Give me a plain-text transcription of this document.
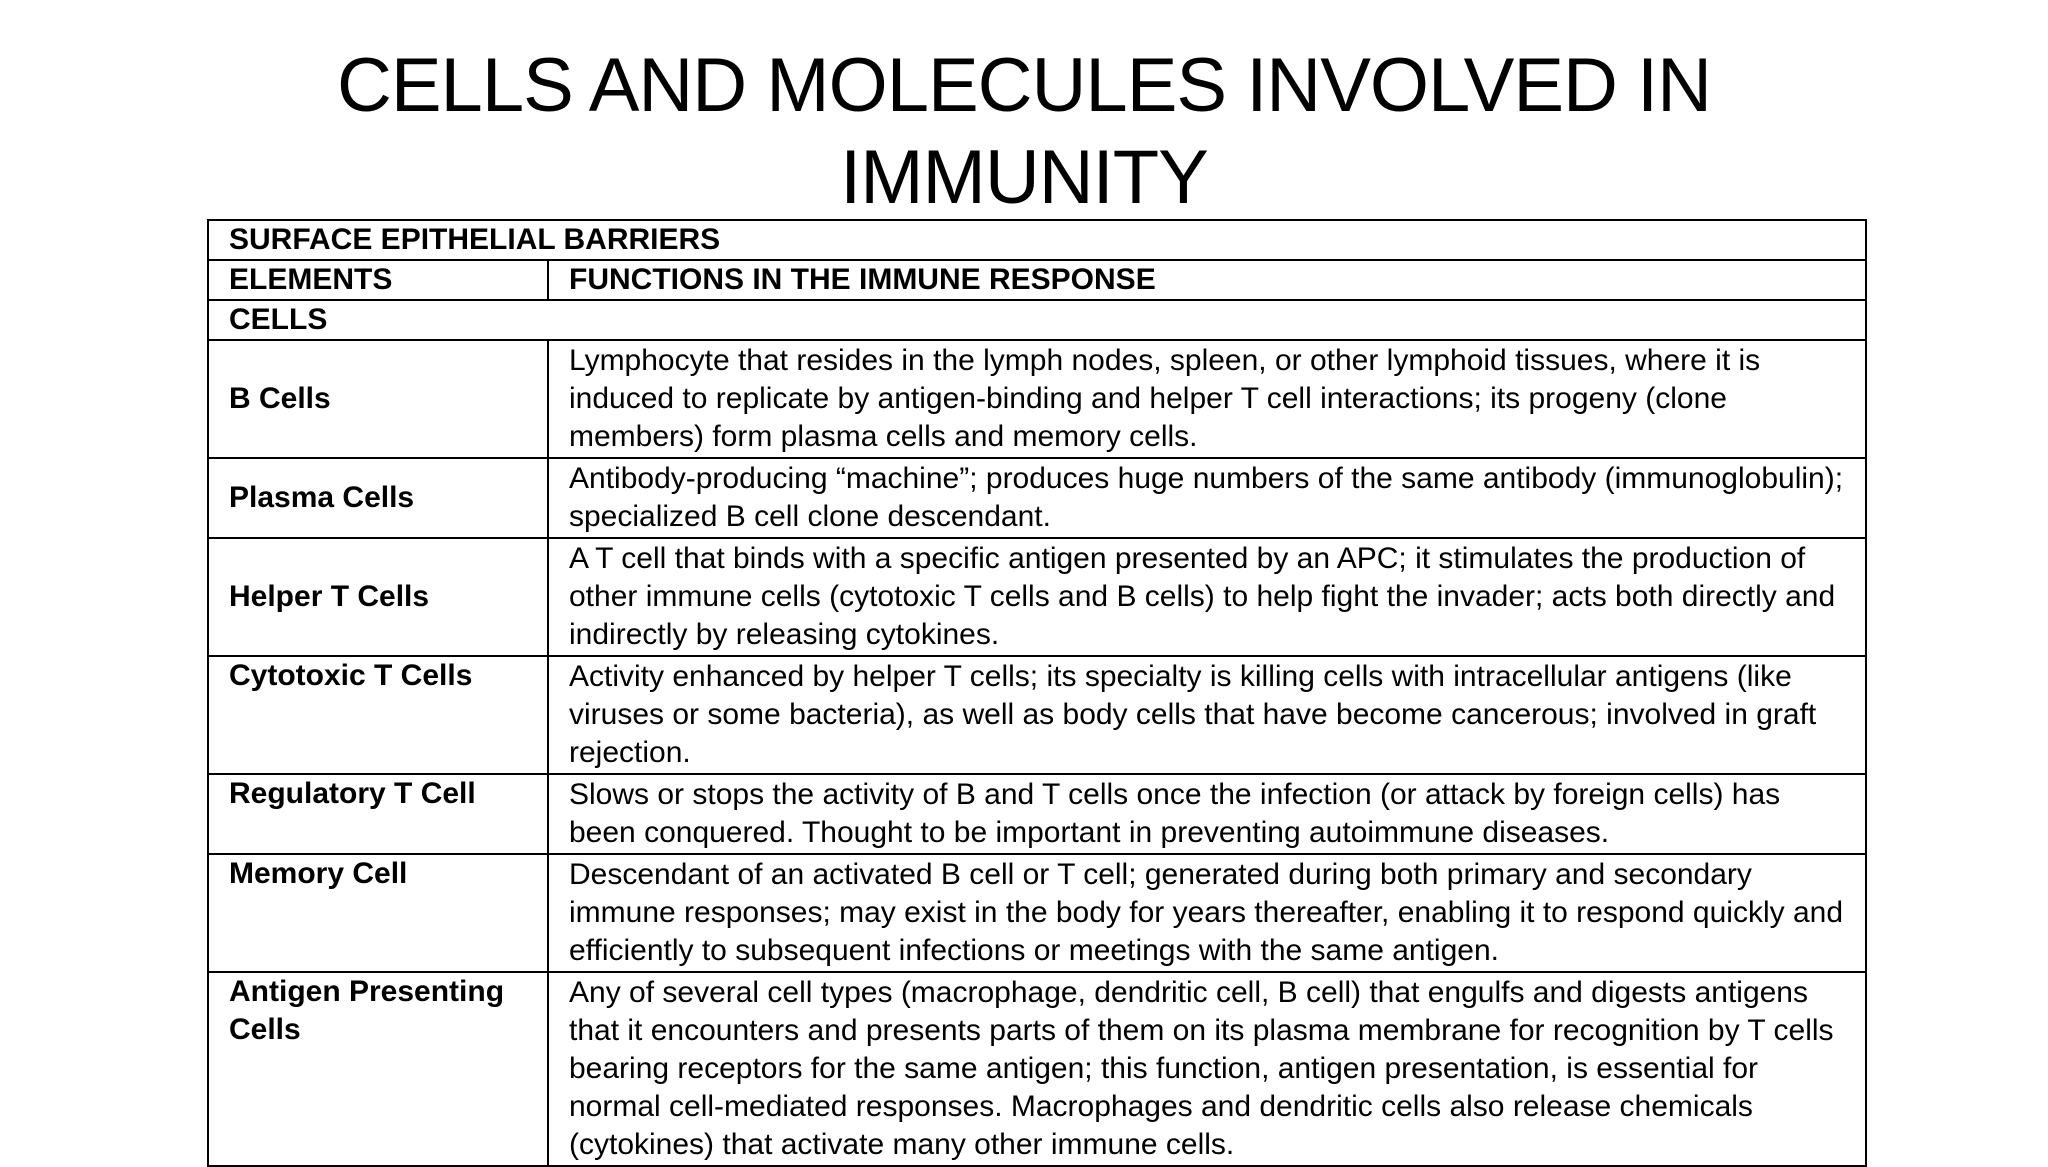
CELLS AND MOLECULES INVOLVED IN
IMMUNITY
SURFACE EPITHELIAL BARRIERS	
ELEMENTS	FUNCTIONS IN THE IMMUNE RESPONSE
CELLS	
B Cells	Lymphocyte that resides in the lymph nodes, spleen, or other lymphoid tissues, where it is induced to replicate by antigen-binding and helper T cell interactions; its progeny (clone members) form plasma cells and memory cells.
Plasma Cells	Antibody-producing “machine”; produces huge numbers of the same antibody (immunoglobulin); specialized B cell clone descendant.
Helper T Cells	A T cell that binds with a specific antigen presented by an APC; it stimulates the production of other immune cells (cytotoxic T cells and B cells) to help fight the invader; acts both directly and indirectly by releasing cytokines.
Cytotoxic T Cells	Activity enhanced by helper T cells; its specialty is killing cells with intracellular antigens (like viruses or some bacteria), as well as body cells that have become cancerous; involved in graft rejection.
Regulatory T Cell	Slows or stops the activity of B and T cells once the infection (or attack by foreign cells) has been conquered. Thought to be important in preventing autoimmune diseases.
Memory Cell	Descendant of an activated B cell or T cell; generated during both primary and secondary immune responses; may exist in the body for years thereafter, enabling it to respond quickly and efficiently to subsequent infections or meetings with the same antigen.
Antigen Presenting Cells	Any of several cell types (macrophage, dendritic cell, B cell) that engulfs and digests antigens that it encounters and presents parts of them on its plasma membrane for recognition by T cells bearing receptors for the same antigen; this function, antigen presentation, is essential for normal cell-mediated responses. Macrophages and dendritic cells also release chemicals (cytokines) that activate many other immune cells.
